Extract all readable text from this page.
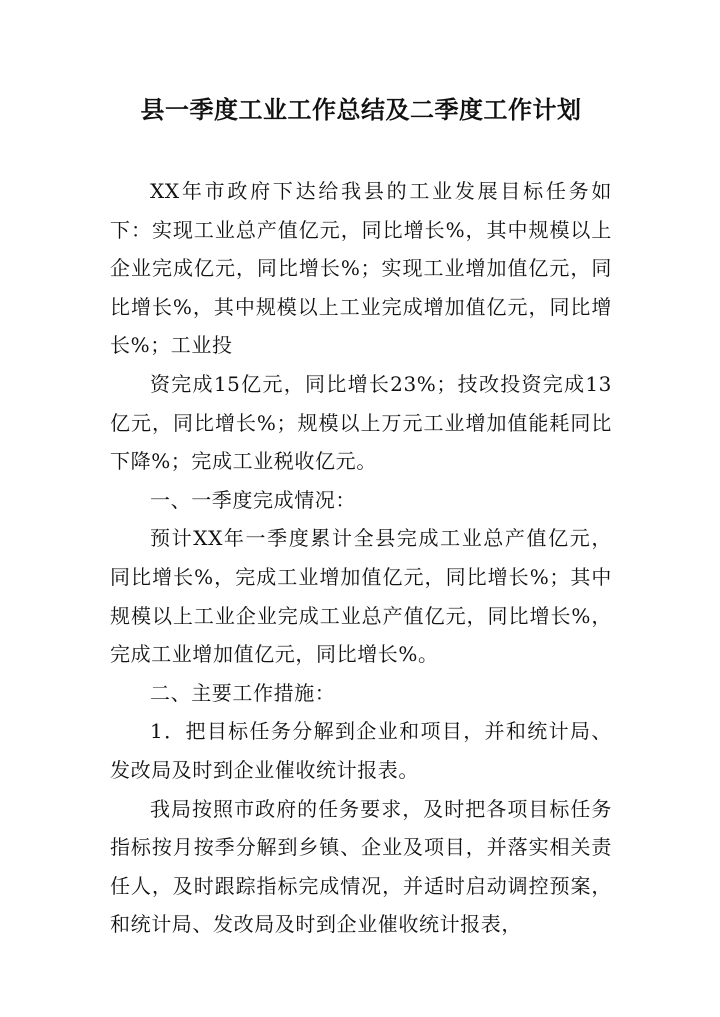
县一季度工业工作总结及二季度工作计划

XX年市政府下达给我县的工业发展目标任务如下：实现工业总产值亿元，同比增长%，其中规模以上企业完成亿元，同比增长%；实现工业增加值亿元，同比增长%，其中规模以上工业完成增加值亿元，同比增长%；工业投

资完成15亿元，同比增长23%；技改投资完成13亿元，同比增长%；规模以上万元工业增加值能耗同比下降%；完成工业税收亿元。

一、一季度完成情况：

预计XX年一季度累计全县完成工业总产值亿元，同比增长%，完成工业增加值亿元，同比增长%；其中规模以上工业企业完成工业总产值亿元，同比增长%，完成工业增加值亿元，同比增长%。

二、主要工作措施：

1．把目标任务分解到企业和项目，并和统计局、发改局及时到企业催收统计报表。

我局按照市政府的任务要求，及时把各项目标任务指标按月按季分解到乡镇、企业及项目，并落实相关责任人，及时跟踪指标完成情况，并适时启动调控预案，和统计局、发改局及时到企业催收统计报表，
